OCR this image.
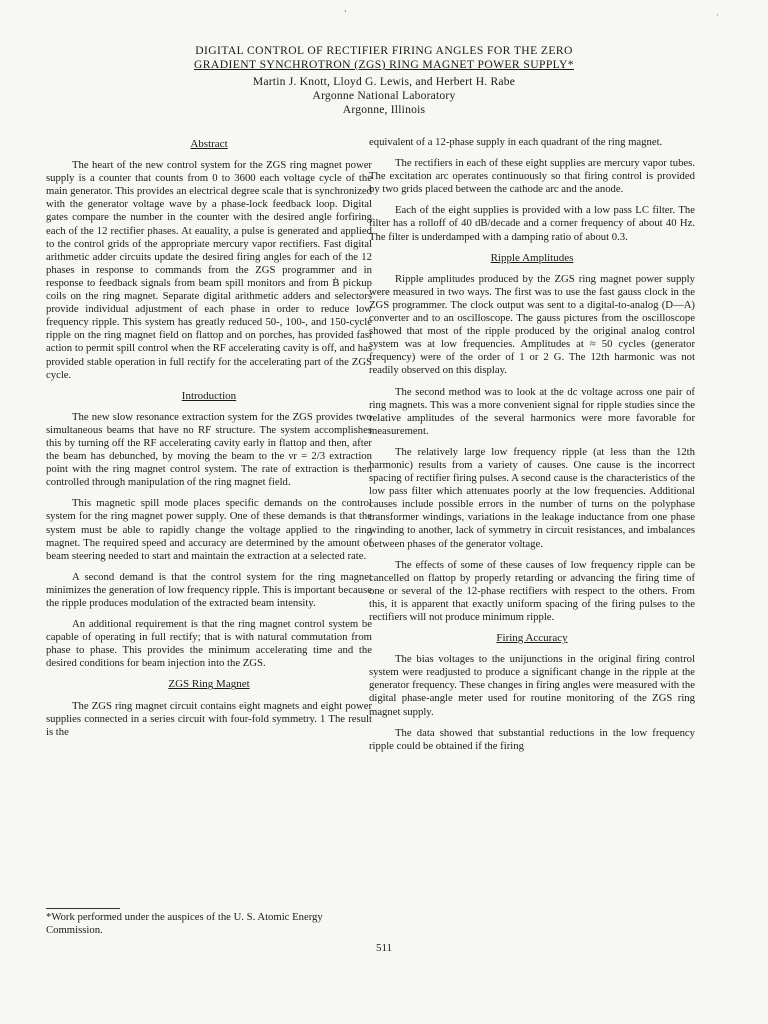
‘	·
DIGITAL CONTROL OF RECTIFIER FIRING ANGLES FOR THE ZERO
GRADIENT SYNCHROTRON (ZGS) RING MAGNET POWER SUPPLY*
Martin J. Knott, Lloyd G. Lewis, and Herbert H. Rabe
Argonne National Laboratory
Argonne, Illinois
Abstract

The heart of the new control system for the ZGS ring magnet power supply is a counter that counts from 0 to 3600 each voltage cycle of the main generator. This provides an electrical degree scale that is synchronized with the generator voltage wave by a phase-lock feedback loop. Digital gates compare the number in the counter with the desired angle forfiring each of the 12 rectifier phases. At eauality, a pulse is generated and applied to the control grids of the appropriate mercury vapor rectifiers. Fast digital arithmetic adder circuits update the desired firing angles for each of the 12 phases in response to commands from the ZGS programmer and in response to feedback signals from beam spill monitors and from Ḃ pickup coils on the ring magnet. Separate digital arithmetic adders and selectors provide individual adjustment of each phase in order to reduce low frequency ripple. This system has greatly reduced 50-, 100-, and 150-cycle ripple on the ring magnet field on flattop and on porches, has provided fast action to permit spill control when the RF accelerating cavity is off, and has provided stable operation in full rectify for the accelerating part of the ZGS cycle.

Introduction

The new slow resonance extraction system for the ZGS provides two simultaneous beams that have no RF structure. The system accomplishes this by turning off the RF accelerating cavity early in flattop and then, after the beam has debunched, by moving the beam to the νr = 2/3 extraction point with the ring magnet control system. The rate of extraction is then controlled through manipulation of the ring magnet field.

This magnetic spill mode places specific demands on the control system for the ring magnet power supply. One of these demands is that the system must be able to rapidly change the voltage applied to the ring magnet. The required speed and accuracy are determined by the amount of beam steering needed to start and maintain the extraction at a selected rate.

A second demand is that the control system for the ring magnet minimizes the generation of low frequency ripple. This is important because the ripple produces modulation of the extracted beam intensity.

An additional requirement is that the ring magnet control system be capable of operating in full rectify; that is with natural commutation from phase to phase. This provides the minimum accelerating time and the desired conditions for beam injection into the ZGS.

ZGS Ring Magnet

The ZGS ring magnet circuit contains eight magnets and eight power supplies connected in a series circuit with four-fold symmetry. 1 The result is the

equivalent of a 12-phase supply in each quadrant of the ring magnet.

The rectifiers in each of these eight supplies are mercury vapor tubes. The excitation arc operates continuously so that firing control is provided by two grids placed between the cathode arc and the anode.

Each of the eight supplies is provided with a low pass LC filter. The filter has a rolloff of 40 dB/decade and a corner frequency of about 40 Hz. The filter is underdamped with a damping ratio of about 0.3.

Ripple Amplitudes

Ripple amplitudes produced by the ZGS ring magnet power supply were measured in two ways. The first was to use the fast gauss clock in the ZGS programmer. The clock output was sent to a digital-to-analog (D—A) converter and to an oscilloscope. The gauss pictures from the oscilloscope showed that most of the ripple produced by the original analog control system was at low frequencies. Amplitudes at ≈ 50 cycles (generator frequency) were of the order of 1 or 2 G. The 12th harmonic was not readily observed on this display.

The second method was to look at the dc voltage across one pair of ring magnets. This was a more convenient signal for ripple studies since the relative amplitudes of the several harmonics were more favorable for measurement.

The relatively large low frequency ripple (at less than the 12th harmonic) results from a variety of causes. One cause is the incorrect spacing of rectifier firing pulses. A second cause is the characteristics of the low pass filter which attenuates poorly at the low frequencies. Additional causes include possible errors in the number of turns on the polyphase transformer windings, variations in the leakage inductance from one phase winding to another, lack of symmetry in circuit resistances, and imbalances between phases of the generator voltage.

The effects of some of these causes of low frequency ripple can be cancelled on flattop by properly retarding or advancing the firing time of one or several of the 12-phase rectifiers with respect to the others. From this, it is apparent that exactly uniform spacing of the firing pulses to the rectifiers will not produce minimum ripple.

Firing Accuracy

The bias voltages to the unijunctions in the original firing control system were readjusted to produce a significant change in the ripple at the generator frequency. These changes in firing angles were measured with the digital phase-angle meter used for routine monitoring of the ZGS ring magnet supply.

The data showed that substantial reductions in the low frequency ripple could be obtained if the firing

*Work performed under the auspices of the U. S. Atomic Energy Commission.
511
